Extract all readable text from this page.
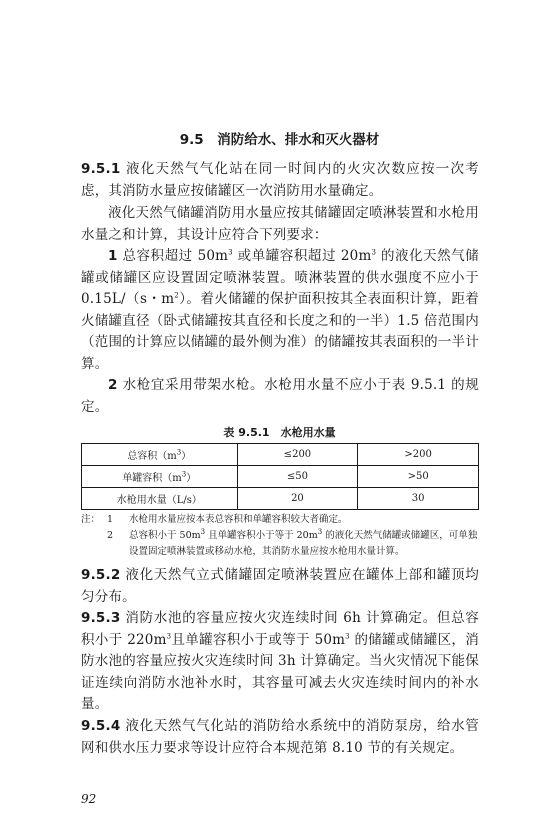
9.5　消防给水、排水和灭火器材
9.5.1 液化天然气气化站在同一时间内的火灾次数应按一次考虑，其消防水量应按储罐区一次消防用水量确定。
液化天然气储罐消防用水量应按其储罐固定喷淋装置和水枪用水量之和计算，其设计应符合下列要求：
1 总容积超过 $50m^3$ 或单罐容积超过 $20m^3$ 的液化天然气储罐或储罐区应设置固定喷淋装置。喷淋装置的供水强度不应小于 0.15L/（s・$m^2$）。着火储罐的保护面积按其全表面积计算，距着火储罐直径（卧式储罐按其直径和长度之和的一半）1.5 倍范围内（范围的计算应以储罐的最外侧为准）的储罐按其表面积的一半计算。
2 水枪宜采用带架水枪。水枪用水量不应小于表 9.5.1 的规定。
表 9.5.1　水枪用水量
总容积$(m^3)$	≤200	>200
单罐容积$(m^3)$	≤50	>50
水枪用水量（L/s）	20	30
注： 1	水枪用水量应按本表总容积和单罐容积较大者确定。
2	总容积小于 $50m^3$ 且单罐容积小于等于 $20m^3$ 的液化天然气储罐或储罐区，可单独设置固定喷淋装置或移动水枪，其消防水量应按水枪用水量计算。
9.5.2 液化天然气立式储罐固定喷淋装置应在罐体上部和罐顶均匀分布。
9.5.3 消防水池的容量应按火灾连续时间 6h 计算确定。但总容积小于 $220m^3$且单罐容积小于或等于 $50m^3$ 的储罐或储罐区，消防水池的容量应按火灾连续时间 3h 计算确定。当火灾情况下能保证连续向消防水池补水时，其容量可减去火灾连续时间内的补水量。
9.5.4 液化天然气气化站的消防给水系统中的消防泵房，给水管网和供水压力要求等设计应符合本规范第 8.10 节的有关规定。
92
